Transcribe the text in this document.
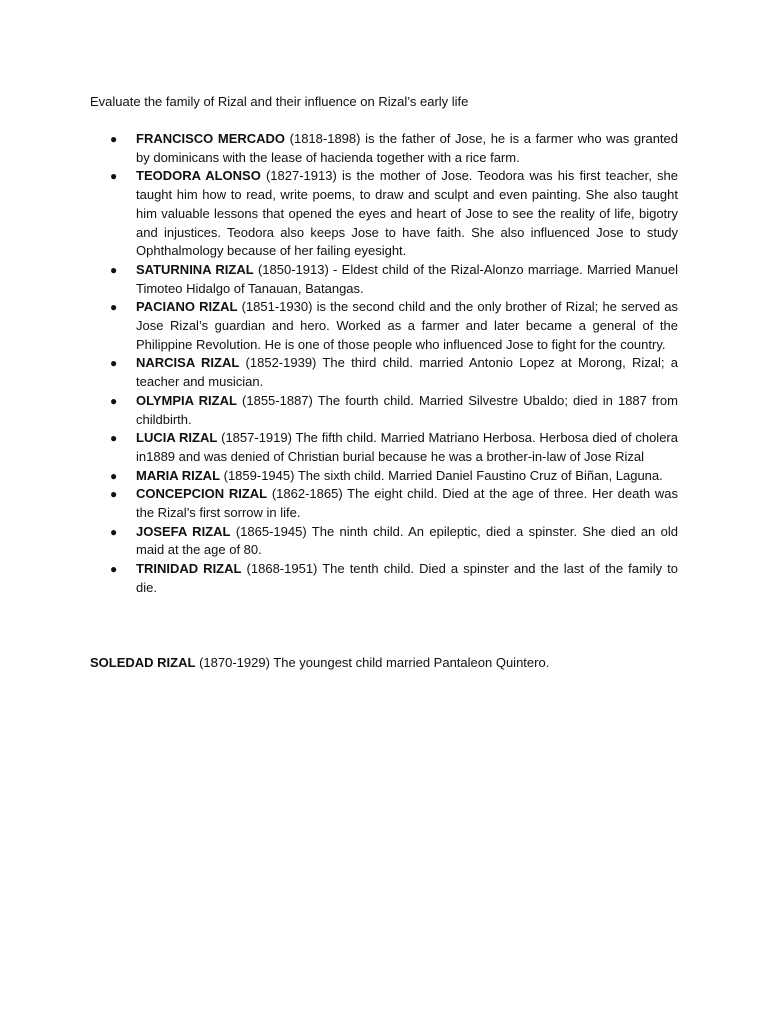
Evaluate the family of Rizal and their influence on Rizal’s early life
● FRANCISCO MERCADO (1818-1898) is the father of Jose, he is a farmer who was granted by dominicans with the lease of hacienda together with a rice farm.
● TEODORA ALONSO (1827-1913) is the mother of Jose. Teodora was his first teacher, she taught him how to read, write poems, to draw and sculpt and even painting. She also taught him valuable lessons that opened the eyes and heart of Jose to see the reality of life, bigotry and injustices. Teodora also keeps Jose to have faith. She also influenced Jose to study Ophthalmology because of her failing eyesight.
● SATURNINA RIZAL (1850-1913) - Eldest child of the Rizal-Alonzo marriage. Married Manuel Timoteo Hidalgo of Tanauan, Batangas.
● PACIANO RIZAL (1851-1930) is the second child and the only brother of Rizal; he served as Jose Rizal’s guardian and hero. Worked as a farmer and later became a general of the Philippine Revolution. He is one of those people who influenced Jose to fight for the country.
● NARCISA RIZAL (1852-1939) The third child. married Antonio Lopez at Morong, Rizal; a teacher and musician.
● OLYMPIA RIZAL (1855-1887) The fourth child. Married Silvestre Ubaldo; died in 1887 from childbirth.
● LUCIA RIZAL (1857-1919) The fifth child. Married Matriano Herbosa. Herbosa died of cholera in1889 and was denied of Christian burial because he was a brother-in-law of Jose Rizal
● MARIA RIZAL (1859-1945) The sixth child. Married Daniel Faustino Cruz of Biñan, Laguna.
● CONCEPCION RIZAL (1862-1865) The eight child. Died at the age of three. Her death was the Rizal’s first sorrow in life.
● JOSEFA RIZAL (1865-1945) The ninth child. An epileptic, died a spinster. She died an old maid at the age of 80.
● TRINIDAD RIZAL (1868-1951) The tenth child. Died a spinster and the last of the family to die.
SOLEDAD RIZAL (1870-1929) The youngest child married Pantaleon Quintero.
